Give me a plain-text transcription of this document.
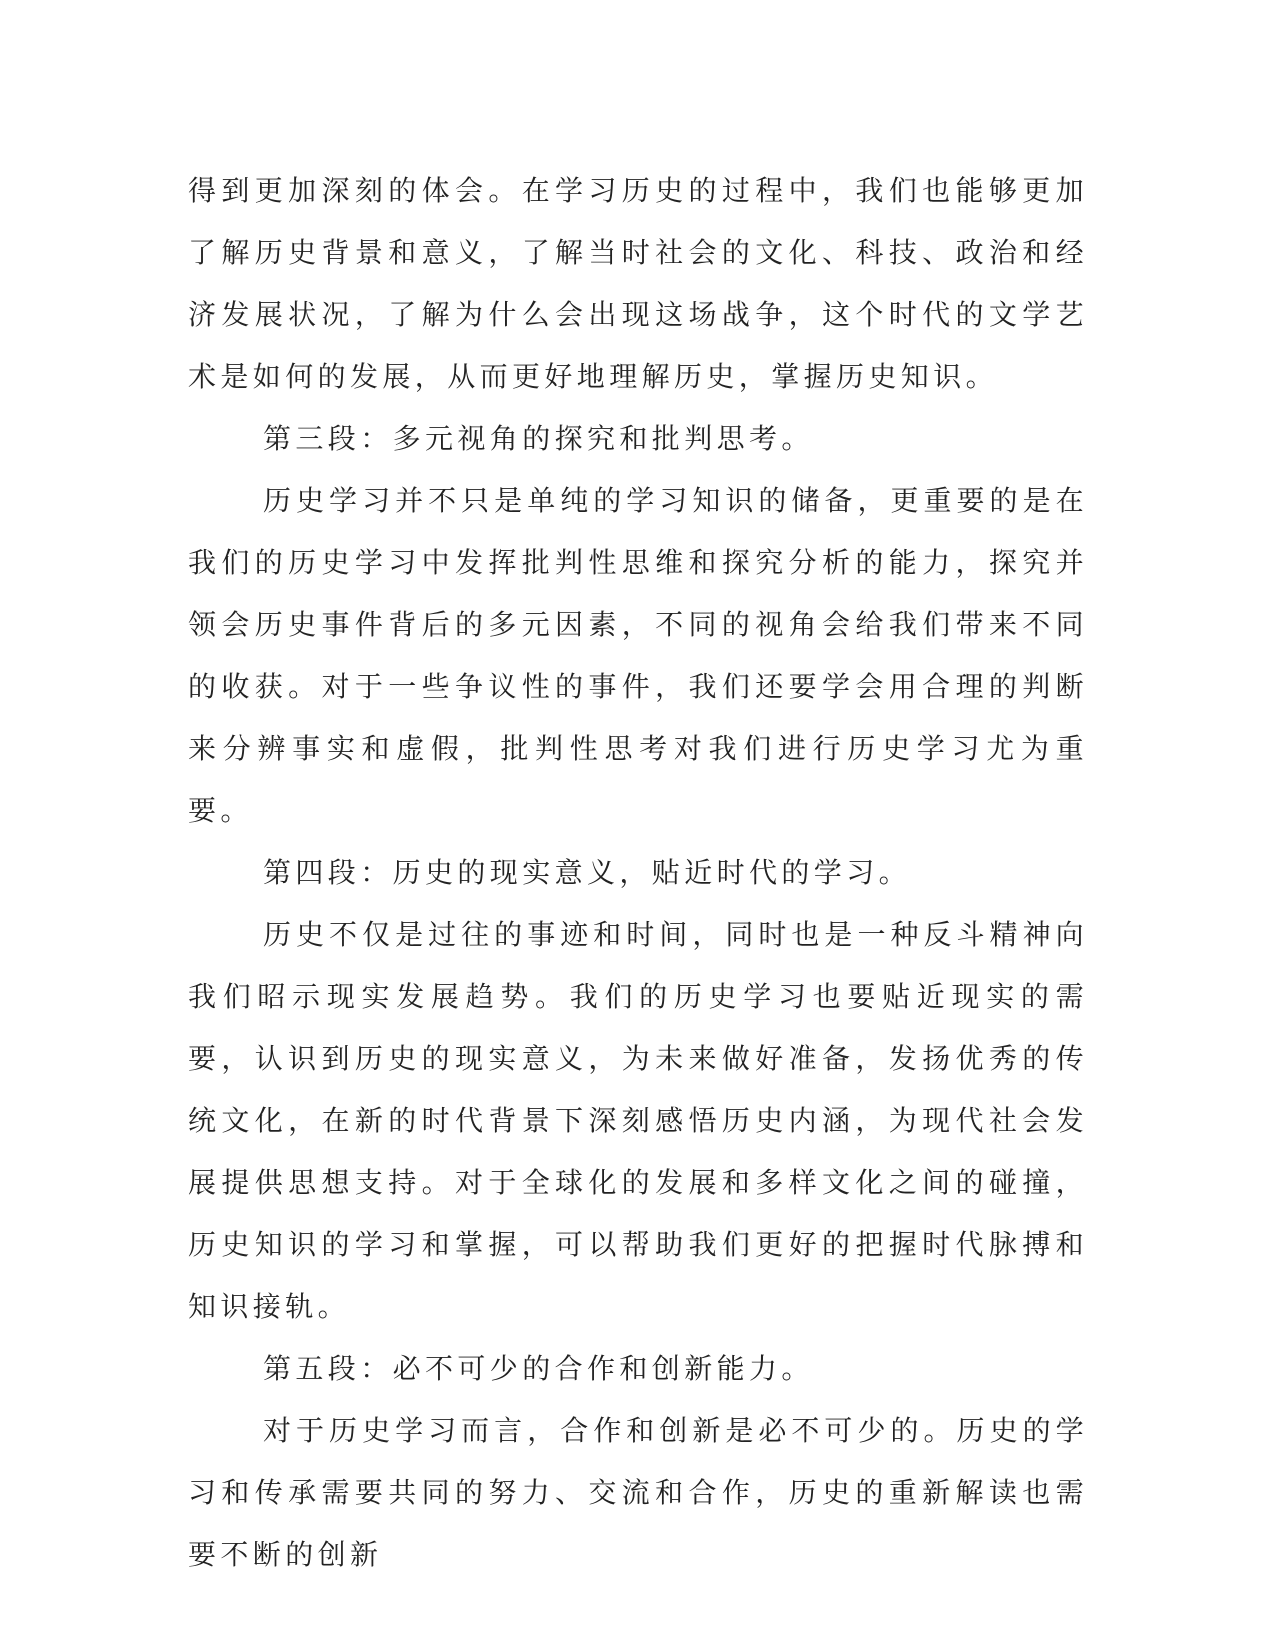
得到更加深刻的体会。在学习历史的过程中，我们也能够更加了解历史背景和意义，了解当时社会的文化、科技、政治和经济发展状况，了解为什么会出现这场战争，这个时代的文学艺术是如何的发展，从而更好地理解历史，掌握历史知识。

第三段：多元视角的探究和批判思考。

历史学习并不只是单纯的学习知识的储备，更重要的是在我们的历史学习中发挥批判性思维和探究分析的能力，探究并领会历史事件背后的多元因素，不同的视角会给我们带来不同的收获。对于一些争议性的事件，我们还要学会用合理的判断来分辨事实和虚假，批判性思考对我们进行历史学习尤为重要。

第四段：历史的现实意义，贴近时代的学习。

历史不仅是过往的事迹和时间，同时也是一种反斗精神向我们昭示现实发展趋势。我们的历史学习也要贴近现实的需要，认识到历史的现实意义，为未来做好准备，发扬优秀的传统文化，在新的时代背景下深刻感悟历史内涵，为现代社会发展提供思想支持。对于全球化的发展和多样文化之间的碰撞，历史知识的学习和掌握，可以帮助我们更好的把握时代脉搏和知识接轨。

第五段：必不可少的合作和创新能力。

对于历史学习而言，合作和创新是必不可少的。历史的学习和传承需要共同的努力、交流和合作，历史的重新解读也需要不断的创新
